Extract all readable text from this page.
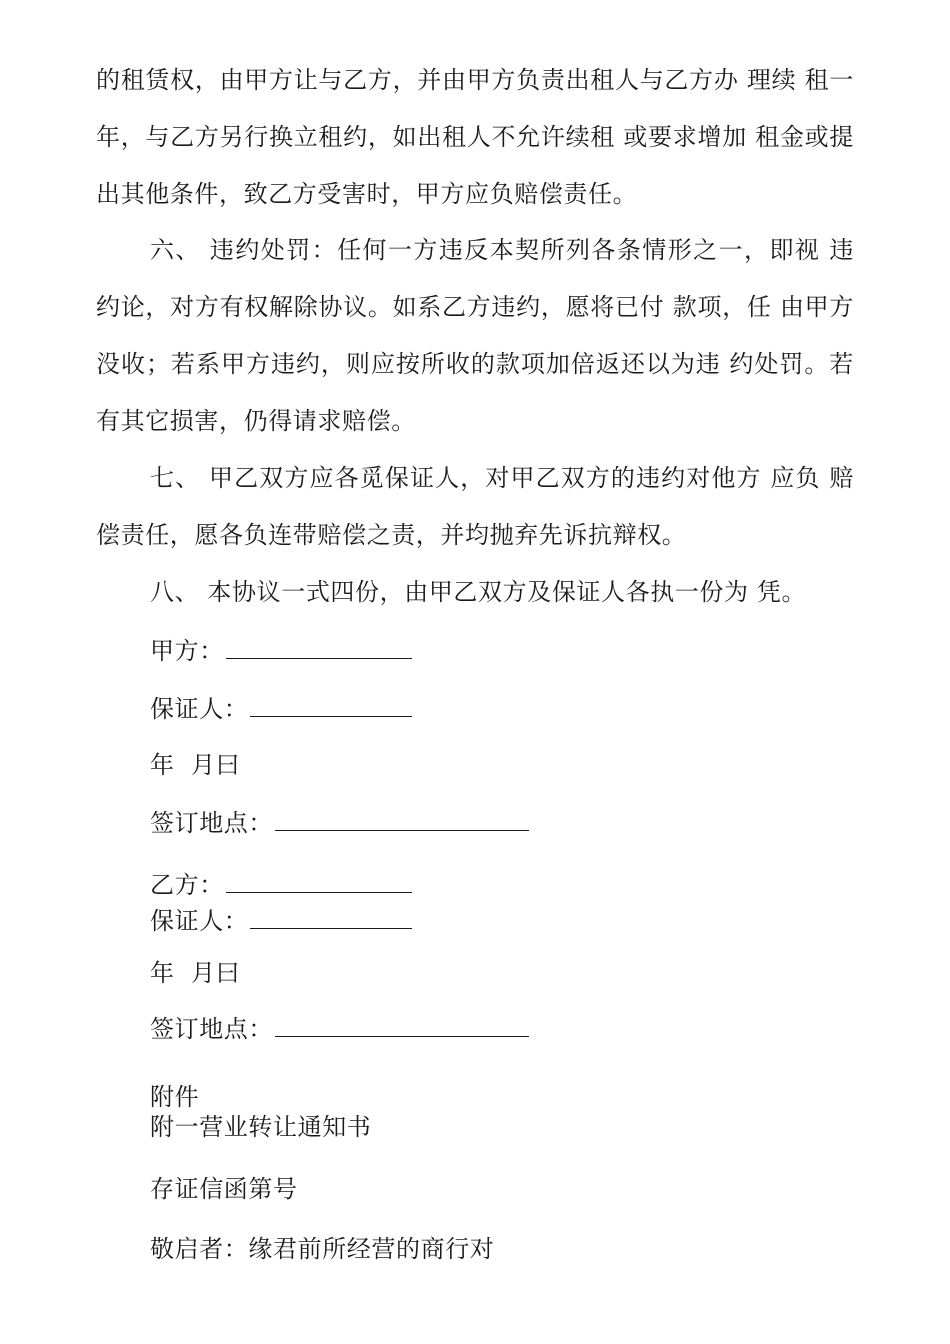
的租赁权，由甲方让与乙方，并由甲方负责出租人与乙方办 理续 租一年，与乙方另行换立租约，如出租人不允许续租 或要求增加 租金或提出其他条件，致乙方受害时，甲方应负赔偿责任。

六、 违约处罚：任何一方违反本契所列各条情形之一，即视 违约论，对方有权解除协议。如系乙方违约，愿将已付 款项，任 由甲方没收；若系甲方违约，则应按所收的款项加倍返还以为违 约处罚。若有其它损害，仍得请求赔偿。

七、 甲乙双方应各觅保证人，对甲乙双方的违约对他方 应负 赔偿责任，愿各负连带赔偿之责，并均抛弃先诉抗辩权。

八、 本协议一式四份，由甲乙双方及保证人各执一份为 凭。

甲方：
保证人：
年  月曰
签订地点：
乙方：
保证人：
年  月曰
签订地点：
附件
附一营业转让通知书
存证信函第号
敬启者：缘君前所经营的商行对
